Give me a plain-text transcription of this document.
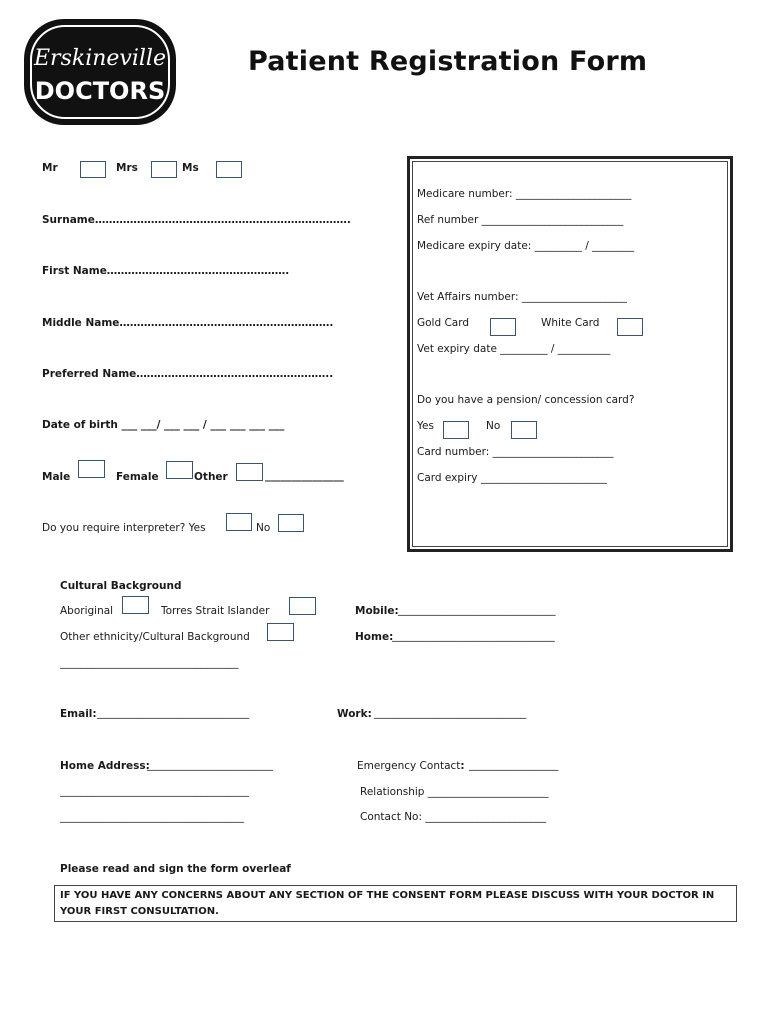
Erskineville
DOCTORS
Patient Registration Form
Mr	Mrs	Ms
Surname……………………………………………………………….
First Name…………………………………………….
Middle Name…………………………………………………….
Preferred Name………………………………………………..
Date of birth ___ ___/ ___ ___ / ___ ___ ___ ___
Male	Female	Other	_______________
Do you require interpreter? Yes	No
Medicare number: ______________________
Ref number ___________________________
Medicare expiry date: _________ / ________
Vet Affairs number: ____________________
Gold Card	White Card
Vet expiry date _________ / __________
Do you have a pension/ concession card?
Yes	No
Card number: _______________________
Card expiry ________________________
Cultural Background
Aboriginal	Torres Strait Islander
Other ethnicity/Cultural Background
__________________________________
Mobile: ______________________________
Home:
_______________________________
Email: _____________________________	Work: _____________________________
Home Address:
________________________
____________________________________
___________________________________
Emergency Contact: _________________
Relationship _______________________
Contact No: _______________________
Please read and sign the form overleaf
IF YOU HAVE ANY CONCERNS ABOUT ANY SECTION OF THE CONSENT FORM PLEASE DISCUSS WITH YOUR DOCTOR IN YOUR FIRST CONSULTATION.
